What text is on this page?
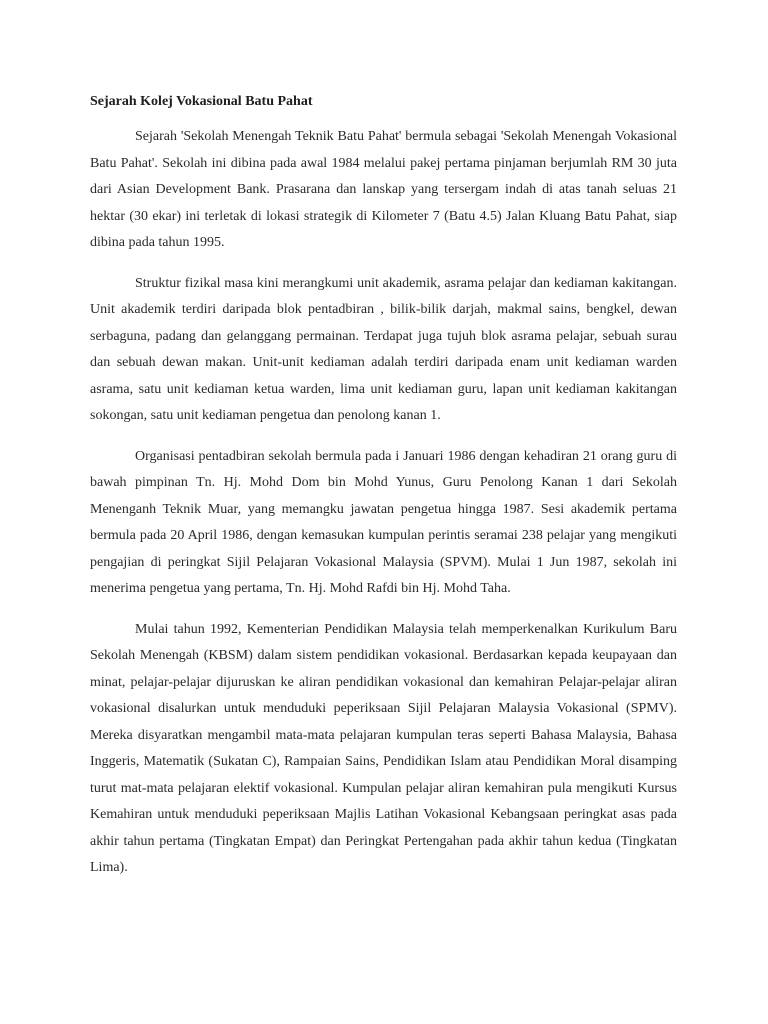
Sejarah Kolej Vokasional Batu Pahat

Sejarah 'Sekolah Menengah Teknik Batu Pahat' bermula sebagai 'Sekolah Menengah Vokasional Batu Pahat'. Sekolah ini dibina pada awal 1984 melalui pakej pertama pinjaman berjumlah RM 30 juta dari Asian Development Bank. Prasarana dan lanskap yang tersergam indah di atas tanah seluas 21 hektar (30 ekar) ini terletak di lokasi strategik di Kilometer 7 (Batu 4.5) Jalan Kluang Batu Pahat, siap dibina pada tahun 1995.

Struktur fizikal masa kini merangkumi unit akademik, asrama pelajar dan kediaman kakitangan. Unit akademik terdiri daripada blok pentadbiran , bilik-bilik darjah, makmal sains, bengkel, dewan serbaguna, padang dan gelanggang permainan. Terdapat juga tujuh blok asrama pelajar, sebuah surau dan sebuah dewan makan. Unit-unit kediaman adalah terdiri daripada enam unit kediaman warden asrama, satu unit kediaman ketua warden, lima unit kediaman guru, lapan unit kediaman kakitangan sokongan, satu unit kediaman pengetua dan penolong kanan 1.

Organisasi pentadbiran sekolah bermula pada i Januari 1986 dengan kehadiran 21 orang guru di bawah pimpinan Tn. Hj. Mohd Dom bin Mohd Yunus, Guru Penolong Kanan 1 dari Sekolah Menenganh Teknik Muar, yang memangku jawatan pengetua hingga 1987. Sesi akademik pertama bermula pada 20 April 1986, dengan kemasukan kumpulan perintis seramai 238 pelajar yang mengikuti pengajian di peringkat Sijil Pelajaran Vokasional Malaysia (SPVM). Mulai 1 Jun 1987, sekolah ini menerima pengetua yang pertama, Tn. Hj. Mohd Rafdi bin Hj. Mohd Taha.

Mulai tahun 1992, Kementerian Pendidikan Malaysia telah memperkenalkan Kurikulum Baru Sekolah Menengah (KBSM) dalam sistem pendidikan vokasional. Berdasarkan kepada keupayaan dan minat, pelajar-pelajar dijuruskan ke aliran pendidikan vokasional dan kemahiran Pelajar-pelajar aliran vokasional disalurkan untuk menduduki peperiksaan Sijil Pelajaran Malaysia Vokasional (SPMV). Mereka disyaratkan mengambil mata-mata pelajaran kumpulan teras seperti Bahasa Malaysia, Bahasa Inggeris, Matematik (Sukatan C), Rampaian Sains, Pendidikan Islam atau Pendidikan Moral disamping turut mat-mata pelajaran elektif vokasional. Kumpulan pelajar aliran kemahiran pula mengikuti Kursus Kemahiran untuk menduduki peperiksaan Majlis Latihan Vokasional Kebangsaan peringkat asas pada akhir tahun pertama (Tingkatan Empat) dan Peringkat Pertengahan pada akhir tahun kedua (Tingkatan Lima).
